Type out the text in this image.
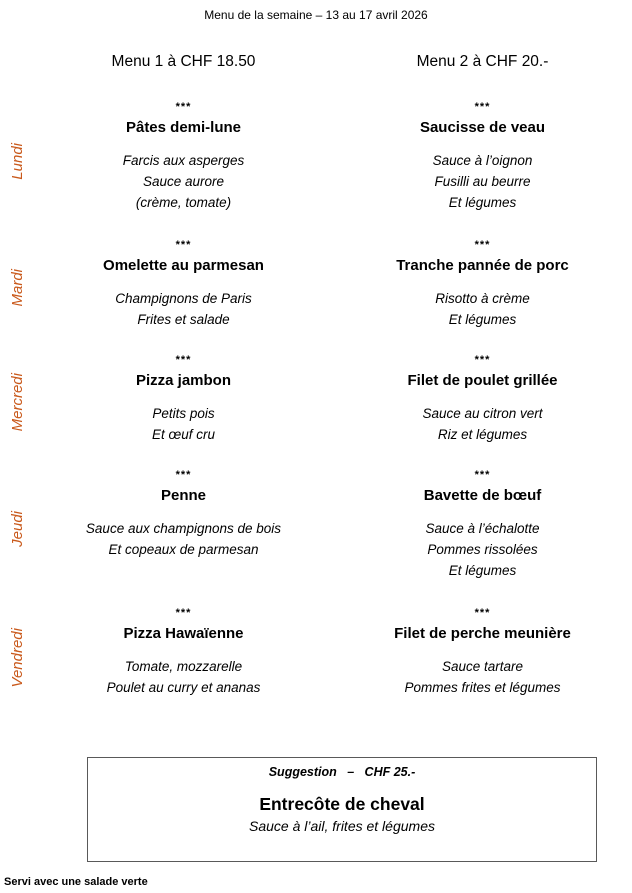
Menu de la semaine – 13 au 17 avril 2026
Menu 1 à CHF 18.50	Menu 2 à CHF 20.-
Lundi
***
Pâtes demi-lune
Farcis aux asperges
Sauce aurore
(crème, tomate)
***
Saucisse de veau
Sauce à l’oignon
Fusilli au beurre
Et légumes
Mardi
***
Omelette au parmesan
Champignons de Paris
Frites et salade
***
Tranche pannée de porc
Risotto à crème
Et légumes
Mercredi
***
Pizza jambon
Petits pois
Et œuf cru
***
Filet de poulet grillée
Sauce au citron vert
Riz et légumes
Jeudi
***
Penne
Sauce aux champignons de bois
Et copeaux de parmesan
***
Bavette de bœuf
Sauce à l’échalotte
Pommes rissolées
Et légumes
Vendredi
***
Pizza Hawaïenne
Tomate, mozzarelle
Poulet au curry et ananas
***
Filet de perche meunière
Sauce tartare
Pommes frites et légumes
Suggestion   –   CHF 25.-
Entrecôte de cheval
Sauce à l’ail, frites et légumes
Servi avec une salade verte
